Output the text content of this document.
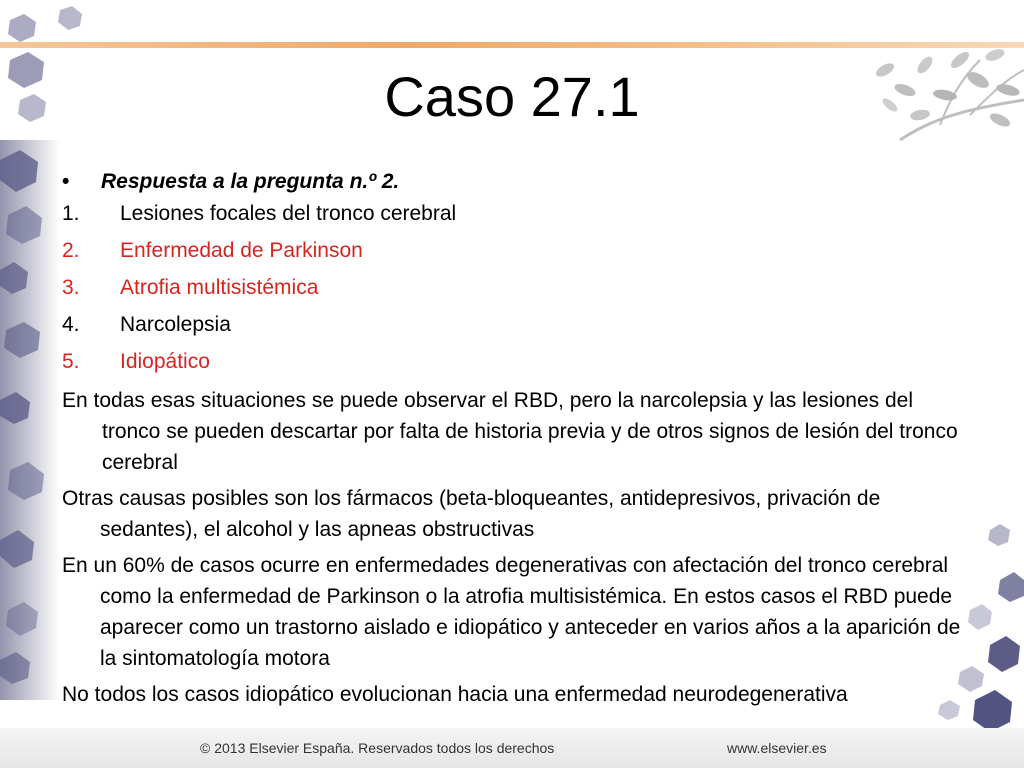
Caso 27.1
• Respuesta a la pregunta n.º 2.
1. Lesiones focales del tronco cerebral
2. Enfermedad de Parkinson
3. Atrofia multisistémica
4. Narcolepsia
5. Idiopático
En todas esas situaciones se puede observar el RBD, pero la narcolepsia y las lesiones del tronco se pueden descartar por falta de historia previa y de otros signos de lesión del tronco cerebral
Otras causas posibles son los fármacos (beta-bloqueantes, antidepresivos, privación de sedantes), el alcohol y las apneas obstructivas
En un 60% de casos ocurre en enfermedades degenerativas con afectación del tronco cerebral como la enfermedad de Parkinson o la atrofia multisistémica. En estos casos el RBD puede aparecer como un trastorno aislado e idiopático y anteceder en varios años a la aparición de la sintomatología motora
No todos los casos idiopático evolucionan hacia una enfermedad neurodegenerativa
© 2013 Elsevier España. Reservados todos los derechos	www.elsevier.es
